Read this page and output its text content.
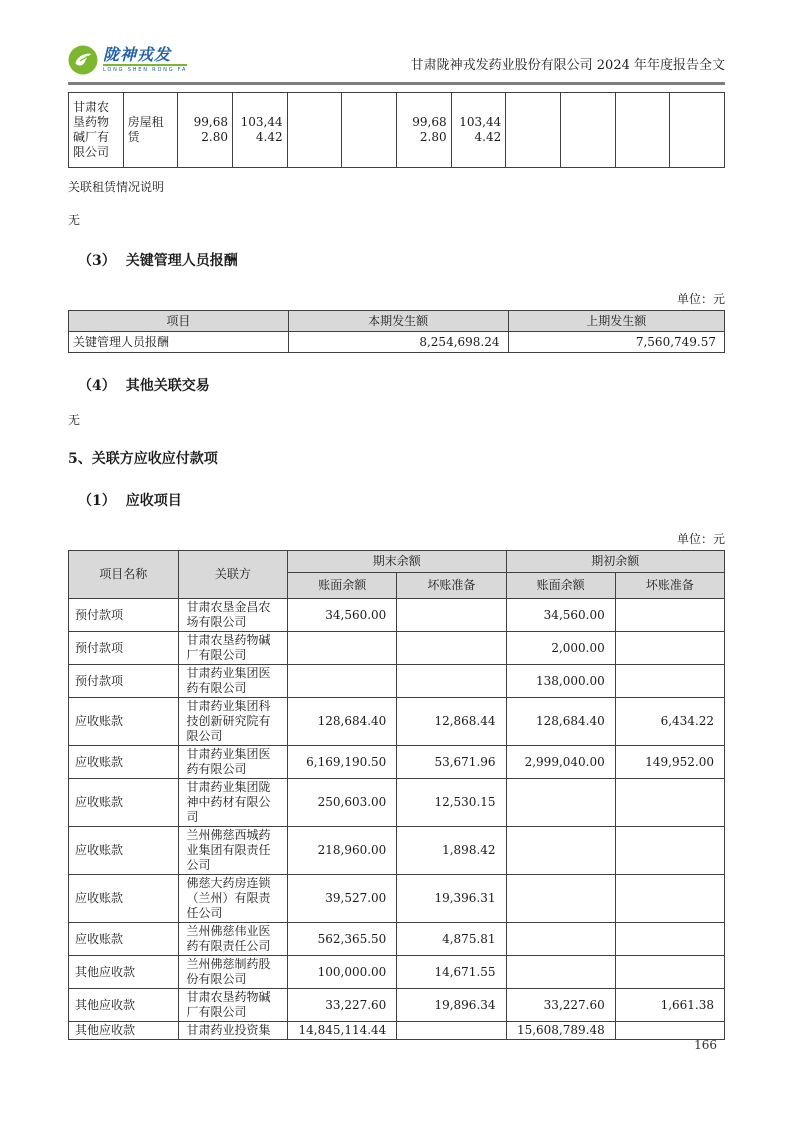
陇神戎发
LONG SHEN RONG FA	甘肃陇神戎发药业股份有限公司 2024 年年度报告全文
甘肃农垦药物碱厂有限公司	房屋租赁	99,682.80	103,444.42			99,682.80	103,444.42				

关联租赁情况说明

无

（3） 关键管理人员报酬
单位：元
项目	本期发生额	上期发生额
关键管理人员报酬	8,254,698.24	7,560,749.57
（4） 其他关联交易

无

5、关联方应收应付款项
（1） 应收项目
单位：元
项目名称	关联方	期末余额		期初余额	
		账面余额	坏账准备	账面余额	坏账准备
预付款项	甘肃农垦金昌农场有限公司	34,560.00		34,560.00	
预付款项	甘肃农垦药物碱厂有限公司			2,000.00	
预付款项	甘肃药业集团医药有限公司			138,000.00	
应收账款	甘肃药业集团科技创新研究院有限公司	128,684.40	12,868.44	128,684.40	6,434.22
应收账款	甘肃药业集团医药有限公司	6,169,190.50	53,671.96	2,999,040.00	149,952.00
应收账款	甘肃药业集团陇神中药材有限公司	250,603.00	12,530.15		
应收账款	兰州佛慈西城药业集团有限责任公司	218,960.00	1,898.42		
应收账款	佛慈大药房连锁（兰州）有限责任公司	39,527.00	19,396.31		
应收账款	兰州佛慈伟业医药有限责任公司	562,365.50	4,875.81		
其他应收款	兰州佛慈制药股份有限公司	100,000.00	14,671.55		
其他应收款	甘肃农垦药物碱厂有限公司	33,227.60	19,896.34	33,227.60	1,661.38
其他应收款	甘肃药业投资集	14,845,114.44		15,608,789.48	
166
